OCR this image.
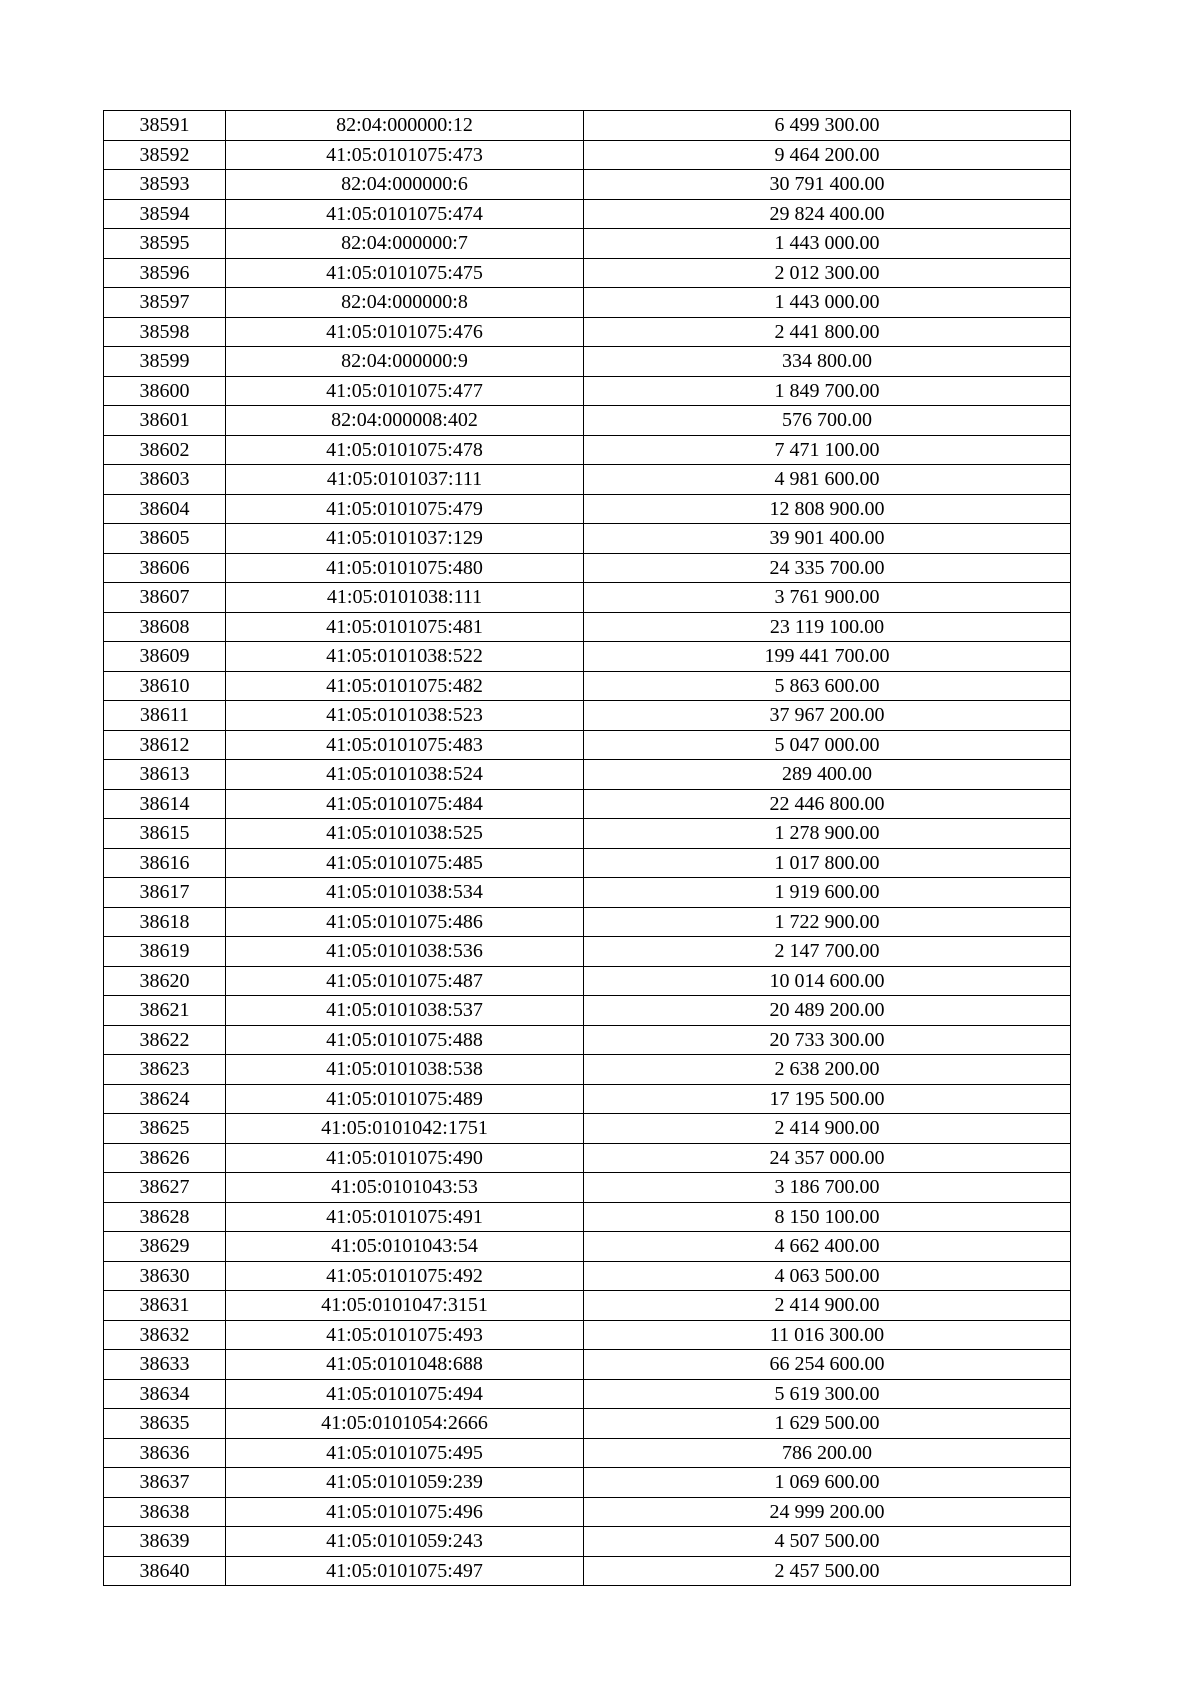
38591	82:04:000000:12	6 499 300.00
38592	41:05:0101075:473	9 464 200.00
38593	82:04:000000:6	30 791 400.00
38594	41:05:0101075:474	29 824 400.00
38595	82:04:000000:7	1 443 000.00
38596	41:05:0101075:475	2 012 300.00
38597	82:04:000000:8	1 443 000.00
38598	41:05:0101075:476	2 441 800.00
38599	82:04:000000:9	334 800.00
38600	41:05:0101075:477	1 849 700.00
38601	82:04:000008:402	576 700.00
38602	41:05:0101075:478	7 471 100.00
38603	41:05:0101037:111	4 981 600.00
38604	41:05:0101075:479	12 808 900.00
38605	41:05:0101037:129	39 901 400.00
38606	41:05:0101075:480	24 335 700.00
38607	41:05:0101038:111	3 761 900.00
38608	41:05:0101075:481	23 119 100.00
38609	41:05:0101038:522	199 441 700.00
38610	41:05:0101075:482	5 863 600.00
38611	41:05:0101038:523	37 967 200.00
38612	41:05:0101075:483	5 047 000.00
38613	41:05:0101038:524	289 400.00
38614	41:05:0101075:484	22 446 800.00
38615	41:05:0101038:525	1 278 900.00
38616	41:05:0101075:485	1 017 800.00
38617	41:05:0101038:534	1 919 600.00
38618	41:05:0101075:486	1 722 900.00
38619	41:05:0101038:536	2 147 700.00
38620	41:05:0101075:487	10 014 600.00
38621	41:05:0101038:537	20 489 200.00
38622	41:05:0101075:488	20 733 300.00
38623	41:05:0101038:538	2 638 200.00
38624	41:05:0101075:489	17 195 500.00
38625	41:05:0101042:1751	2 414 900.00
38626	41:05:0101075:490	24 357 000.00
38627	41:05:0101043:53	3 186 700.00
38628	41:05:0101075:491	8 150 100.00
38629	41:05:0101043:54	4 662 400.00
38630	41:05:0101075:492	4 063 500.00
38631	41:05:0101047:3151	2 414 900.00
38632	41:05:0101075:493	11 016 300.00
38633	41:05:0101048:688	66 254 600.00
38634	41:05:0101075:494	5 619 300.00
38635	41:05:0101054:2666	1 629 500.00
38636	41:05:0101075:495	786 200.00
38637	41:05:0101059:239	1 069 600.00
38638	41:05:0101075:496	24 999 200.00
38639	41:05:0101059:243	4 507 500.00
38640	41:05:0101075:497	2 457 500.00
